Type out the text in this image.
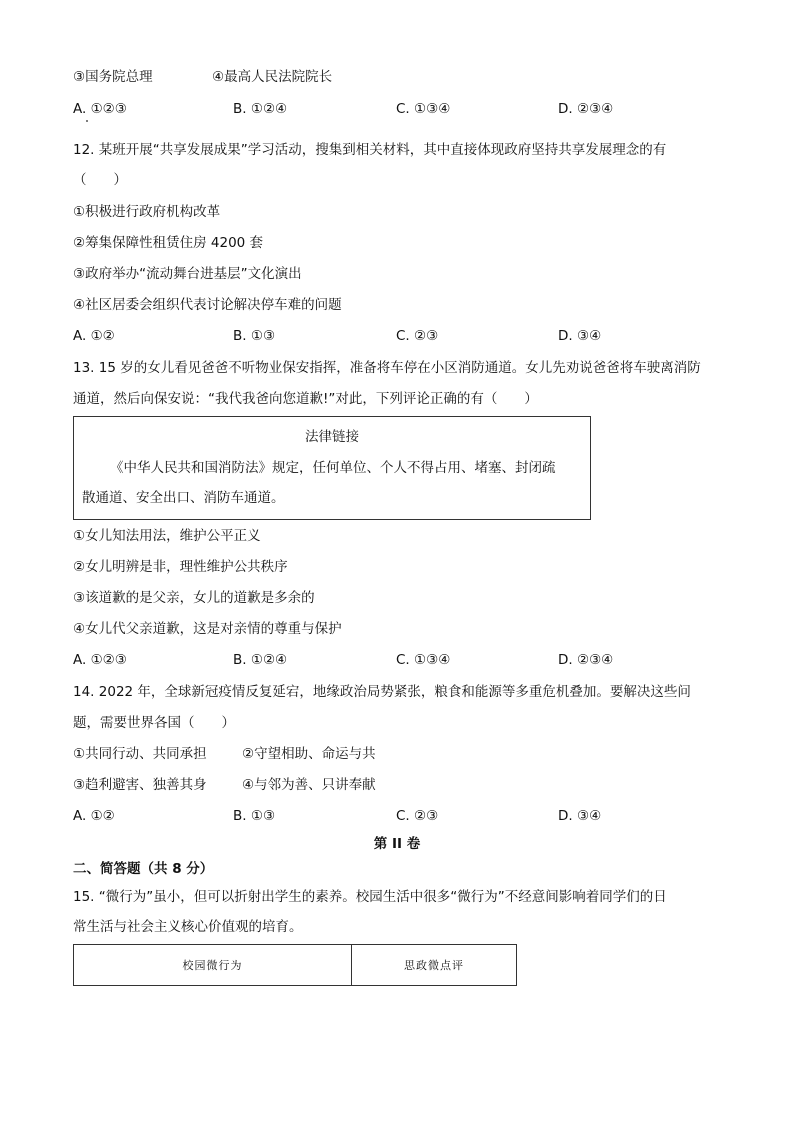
③国务院总理	④最高人民法院院长
A. ①②③	B. ①②④	C. ①③④	D. ②③④
12. 某班开展“共享发展成果”学习活动，搜集到相关材料，其中直接体现政府坚持共享发展理念的有
（　　）
①积极进行政府机构改革
②筹集保障性租赁住房 4200 套
③政府举办“流动舞台进基层”文化演出
④社区居委会组织代表讨论解决停车难的问题
A. ①②	B. ①③	C. ②③	D. ③④
13. 15 岁的女儿看见爸爸不听物业保安指挥，准备将车停在小区消防通道。女儿先劝说爸爸将车驶离消防
通道，然后向保安说：“我代我爸向您道歉!”对此，下列评论正确的有（　　）
法律链接
《中华人民共和国消防法》规定，任何单位、个人不得占用、堵塞、封闭疏
散通道、安全出口、消防车通道。
①女儿知法用法，维护公平正义
②女儿明辨是非，理性维护公共秩序
③该道歉的是父亲，女儿的道歉是多余的
④女儿代父亲道歉，这是对亲情的尊重与保护
A. ①②③	B. ①②④	C. ①③④	D. ②③④
14. 2022 年，全球新冠疫情反复延宕，地缘政治局势紧张，粮食和能源等多重危机叠加。要解决这些问
题，需要世界各国（　　）
①共同行动、共同承担	②守望相助、命运与共
③趋利避害、独善其身	④与邻为善、只讲奉献
A. ①②	B. ①③	C. ②③	D. ③④
第 II 卷
二、简答题（共 8 分）
15. “微行为”虽小，但可以折射出学生的素养。校园生活中很多“微行为”不经意间影响着同学们的日
常生活与社会主义核心价值观的培育。
校园微行为	思政微点评
